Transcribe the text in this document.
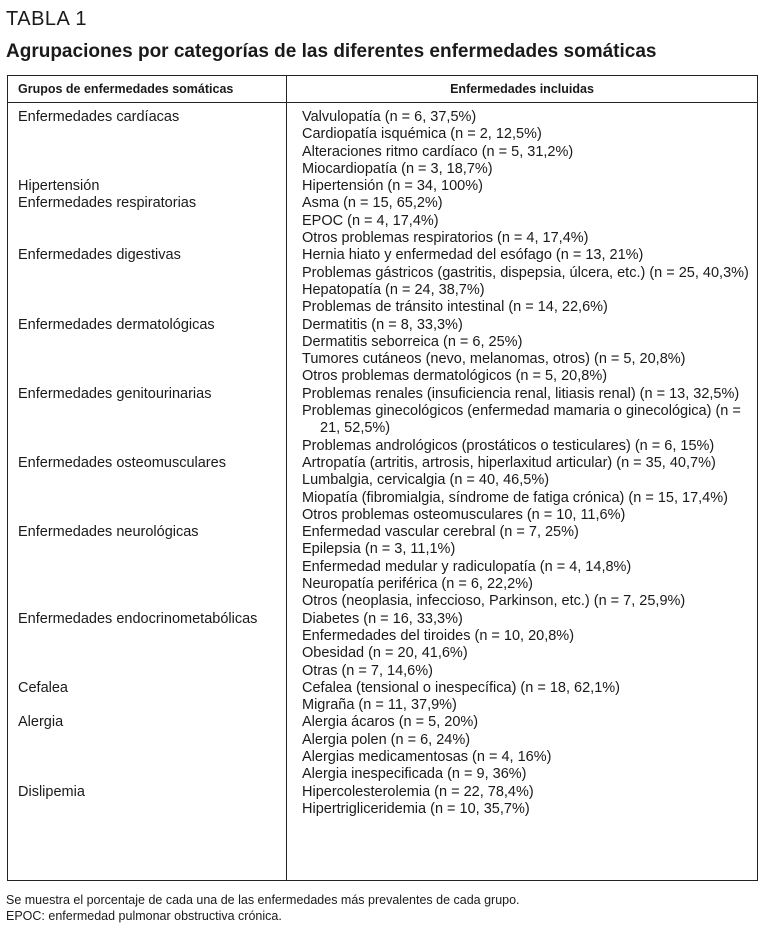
TABLA 1
Agrupaciones por categorías de las diferentes enfermedades somáticas
Grupos de enfermedades somáticas	Enfermedades incluidas
Enfermedades cardíacas	Valvulopatía (n = 6, 37,5%)
Cardiopatía isquémica (n = 2, 12,5%)
Alteraciones ritmo cardíaco (n = 5, 31,2%)
Miocardiopatía (n = 3, 18,7%)
Hipertensión	Hipertensión (n = 34, 100%)
Enfermedades respiratorias	Asma (n = 15, 65,2%)
EPOC (n = 4, 17,4%)
Otros problemas respiratorios (n = 4, 17,4%)
Enfermedades digestivas	Hernia hiato y enfermedad del esófago (n = 13, 21%)
Problemas gástricos (gastritis, dispepsia, úlcera, etc.) (n = 25, 40,3%)
Hepatopatía (n = 24, 38,7%)
Problemas de tránsito intestinal (n = 14, 22,6%)
Enfermedades dermatológicas	Dermatitis (n = 8, 33,3%)
Dermatitis seborreica (n = 6, 25%)
Tumores cutáneos (nevo, melanomas, otros) (n = 5, 20,8%)
Otros problemas dermatológicos (n = 5, 20,8%)
Enfermedades genitourinarias	Problemas renales (insuficiencia renal, litiasis renal) (n = 13, 32,5%)
Problemas ginecológicos (enfermedad mamaria o ginecológica) (n = 21, 52,5%)
Problemas andrológicos (prostáticos o testiculares) (n = 6, 15%)
Enfermedades osteomusculares	Artropatía (artritis, artrosis, hiperlaxitud articular) (n = 35, 40,7%)
Lumbalgia, cervicalgia (n = 40, 46,5%)
Miopatía (fibromialgia, síndrome de fatiga crónica) (n = 15, 17,4%)
Otros problemas osteomusculares (n = 10, 11,6%)
Enfermedades neurológicas	Enfermedad vascular cerebral (n = 7, 25%)
Epilepsia (n = 3, 11,1%)
Enfermedad medular y radiculopatía (n = 4, 14,8%)
Neuropatía periférica (n = 6, 22,2%)
Otros (neoplasia, infeccioso, Parkinson, etc.) (n = 7, 25,9%)
Enfermedades endocrinometabólicas	Diabetes (n = 16, 33,3%)
Enfermedades del tiroides (n = 10, 20,8%)
Obesidad (n = 20, 41,6%)
Otras (n = 7, 14,6%)
Cefalea	Cefalea (tensional o inespecífica) (n = 18, 62,1%)
Migraña (n = 11, 37,9%)
Alergia	Alergia ácaros (n = 5, 20%)
Alergia polen (n = 6, 24%)
Alergias medicamentosas (n = 4, 16%)
Alergia inespecificada (n = 9, 36%)
Dislipemia	Hipercolesterolemia (n = 22, 78,4%)
Hipertrigliceridemia (n = 10, 35,7%)
Se muestra el porcentaje de cada una de las enfermedades más prevalentes de cada grupo.
EPOC: enfermedad pulmonar obstructiva crónica.
